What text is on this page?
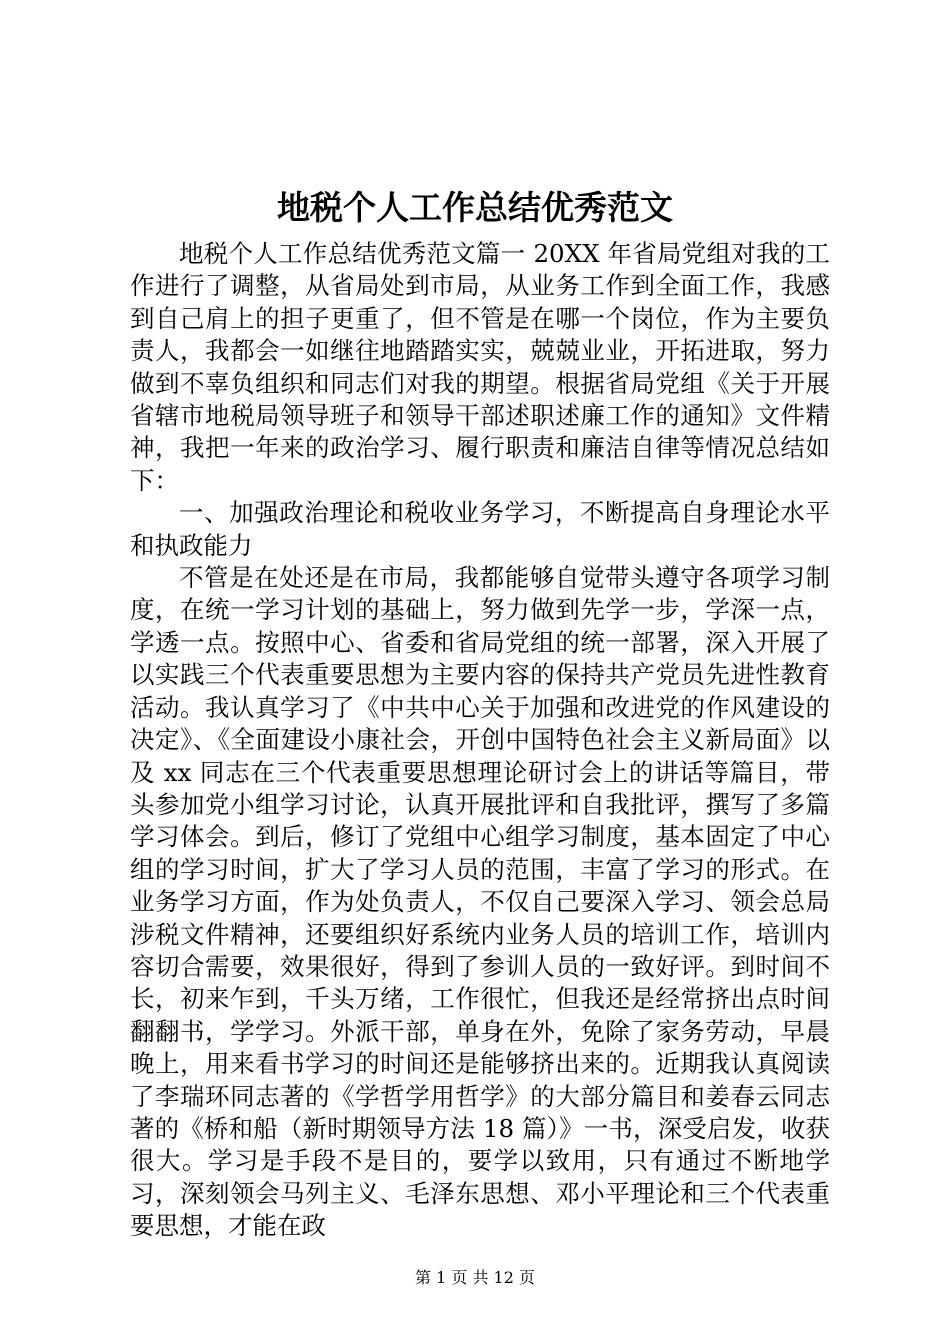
地税个人工作总结优秀范文

地税个人工作总结优秀范文篇一 20XX 年省局党组对我的工作进行了调整，从省局处到市局，从业务工作到全面工作，我感到自己肩上的担子更重了，但不管是在哪一个岗位，作为主要负责人，我都会一如继往地踏踏实实，兢兢业业，开拓进取，努力做到不辜负组织和同志们对我的期望。根据省局党组《关于开展省辖市地税局领导班子和领导干部述职述廉工作的通知》文件精神，我把一年来的政治学习、履行职责和廉洁自律等情况总结如下：

一、加强政治理论和税收业务学习，不断提高自身理论水平和执政能力

不管是在处还是在市局，我都能够自觉带头遵守各项学习制度，在统一学习计划的基础上，努力做到先学一步，学深一点，学透一点。按照中心、省委和省局党组的统一部署，深入开展了以实践三个代表重要思想为主要内容的保持共产党员先进性教育活动。我认真学习了《中共中心关于加强和改进党的作风建设的决定》、《全面建设小康社会，开创中国特色社会主义新局面》以及 xx 同志在三个代表重要思想理论研讨会上的讲话等篇目，带头参加党小组学习讨论，认真开展批评和自我批评，撰写了多篇学习体会。到后，修订了党组中心组学习制度，基本固定了中心组的学习时间，扩大了学习人员的范围，丰富了学习的形式。在业务学习方面，作为处负责人，不仅自己要深入学习、领会总局涉税文件精神，还要组织好系统内业务人员的培训工作，培训内容切合需要，效果很好，得到了参训人员的一致好评。到时间不长，初来乍到，千头万绪，工作很忙，但我还是经常挤出点时间翻翻书，学学习。外派干部，单身在外，免除了家务劳动，早晨晚上，用来看书学习的时间还是能够挤出来的。近期我认真阅读了李瑞环同志著的《学哲学用哲学》的大部分篇目和姜春云同志著的《桥和船（新时期领导方法 18 篇）》一书，深受启发，收获很大。学习是手段不是目的，要学以致用，只有通过不断地学习，深刻领会马列主义、毛泽东思想、邓小平理论和三个代表重要思想，才能在政

第 1 页 共 12 页
